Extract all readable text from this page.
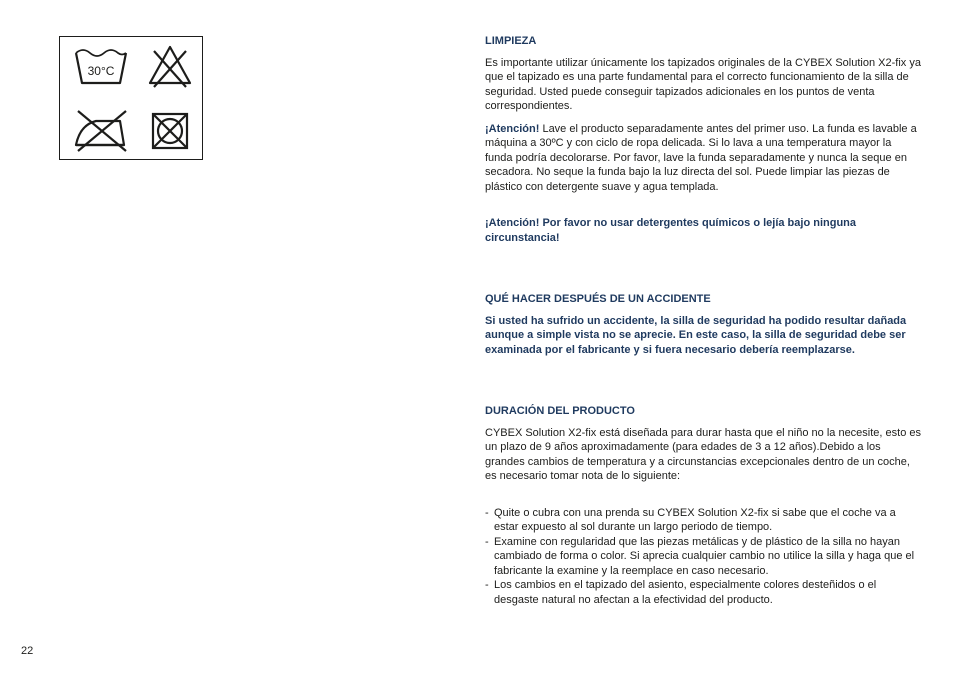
30°C
22
LIMPIEZA

Es importante utilizar únicamente los tapizados originales de la CYBEX Solution X2-fix ya que el tapizado es una parte fundamental para el correcto funcionamiento de la silla de seguridad. Usted puede conseguir tapizados adicionales en los puntos de venta correspondientes.

¡Atención! Lave el producto separadamente antes del primer uso. La funda es lavable a máquina a 30ºC y con ciclo de ropa delicada. Si lo lava a una temperatura mayor la funda podría decolorarse. Por favor, lave la funda separadamente y nunca la seque en secadora. No seque la funda bajo la luz directa del sol. Puede limpiar las piezas de plástico con detergente suave y agua templada.

¡Atención! Por favor no usar detergentes químicos o lejía bajo ninguna circunstancia!

QUÉ HACER DESPUÉS DE UN ACCIDENTE

Si usted ha sufrido un accidente, la silla de seguridad ha podido resultar dañada aunque a simple vista no se aprecie. En este caso, la silla de seguridad debe ser examinada por el fabricante y si fuera necesario debería reemplazarse.

DURACIÓN DEL PRODUCTO

CYBEX Solution X2-fix está diseñada para durar hasta que el niño no la necesite, esto es un plazo de 9 años aproximadamente (para edades de 3 a 12 años).Debido a los grandes cambios de temperatura y a circunstancias excepcionales dentro de un coche, es necesario tomar nota de lo siguiente:

- Quite o cubra con una prenda su CYBEX Solution X2-fix si sabe que el coche va a estar expuesto al sol durante un largo periodo de tiempo.
- Examine con regularidad que las piezas metálicas y de plástico de la silla no hayan cambiado de forma o color. Si aprecia cualquier cambio no utilice la silla y haga que el fabricante la examine y la reemplace en caso necesario.
- Los cambios en el tapizado del asiento, especialmente colores desteñidos o el desgaste natural no afectan a la efectividad del producto.
